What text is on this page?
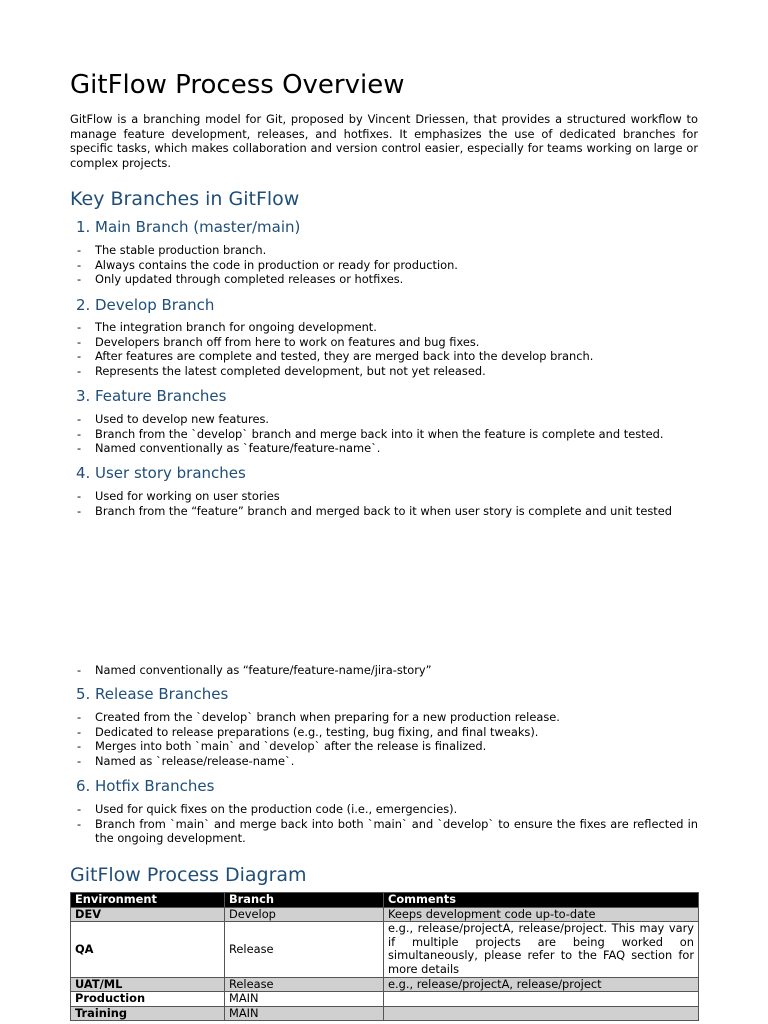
GitFlow Process Overview

GitFlow is a branching model for Git, proposed by Vincent Driessen, that provides a structured workflow to manage feature development, releases, and hotfixes. It emphasizes the use of dedicated branches for specific tasks, which makes collaboration and version control easier, especially for teams working on large or complex projects.

Key Branches in GitFlow
1. Main Branch (master/main)
- The stable production branch.
- Always contains the code in production or ready for production.
- Only updated through completed releases or hotfixes.
2. Develop Branch
- The integration branch for ongoing development.
- Developers branch off from here to work on features and bug fixes.
- After features are complete and tested, they are merged back into the develop branch.
- Represents the latest completed development, but not yet released.
3. Feature Branches
- Used to develop new features.
- Branch from the `develop` branch and merge back into it when the feature is complete and tested.
- Named conventionally as `feature/feature-name`.
4. User story branches
- Used for working on user stories
- Branch from the “feature” branch and merged back to it when user story is complete and unit tested
- Named conventionally as “feature/feature-name/jira-story”
5. Release Branches
- Created from the `develop` branch when preparing for a new production release.
- Dedicated to release preparations (e.g., testing, bug fixing, and final tweaks).
- Merges into both `main` and `develop` after the release is finalized.
- Named as `release/release-name`.
6. Hotfix Branches
- Used for quick fixes on the production code (i.e., emergencies).
- Branch from `main` and merge back into both `main` and `develop` to ensure the fixes are reflected in the ongoing development.
GitFlow Process Diagram
Environment	Branch	Comments
DEV	Develop	Keeps development code up-to-date
QA	Release	e.g., release/projectA, release/project. This may vary if multiple projects are being worked on simultaneously, please refer to the FAQ section for more details
UAT/ML	Release	e.g., release/projectA, release/project
Production	MAIN	
Training	MAIN	
